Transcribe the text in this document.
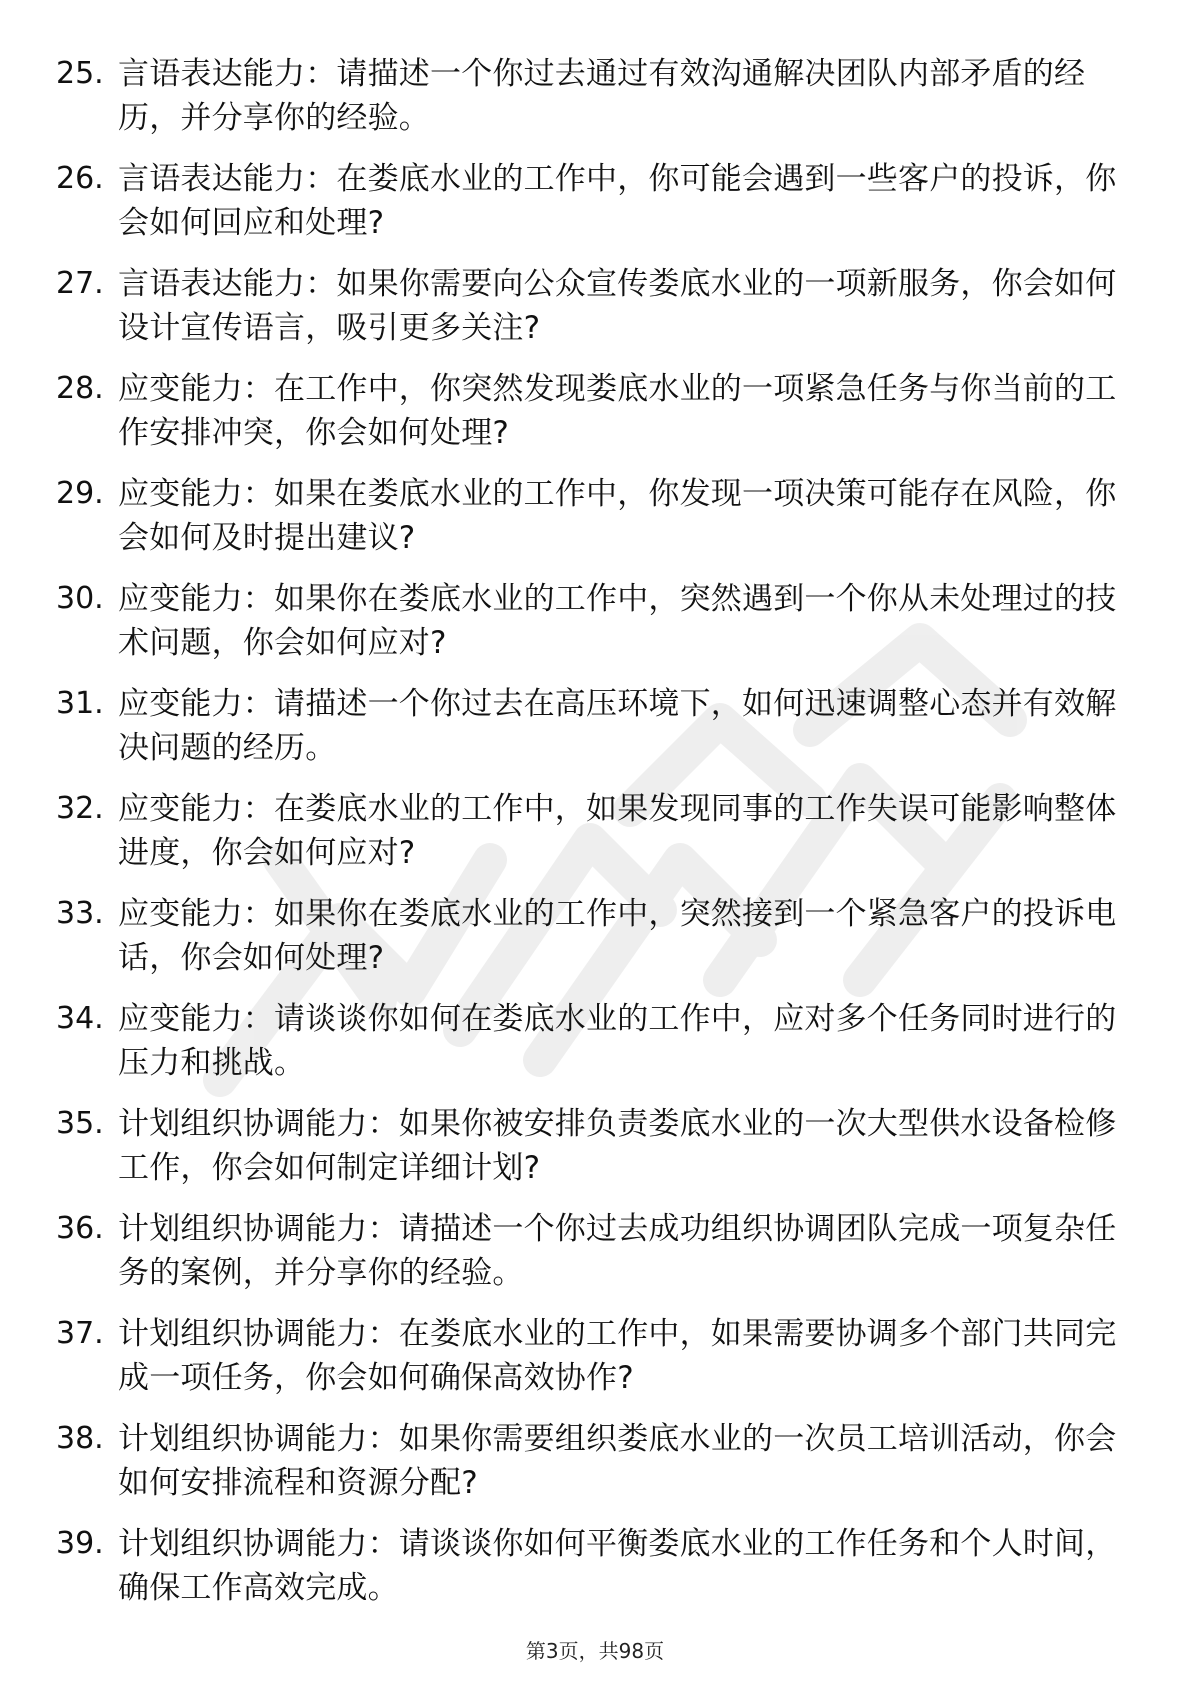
25. 言语表达能力：请描述一个你过去通过有效沟通解决团队内部矛盾的经历，并分享你的经验。
26. 言语表达能力：在娄底水业的工作中，你可能会遇到一些客户的投诉，你会如何回应和处理?
27. 言语表达能力：如果你需要向公众宣传娄底水业的一项新服务，你会如何设计宣传语言，吸引更多关注?
28. 应变能力：在工作中，你突然发现娄底水业的一项紧急任务与你当前的工作安排冲突，你会如何处理?
29. 应变能力：如果在娄底水业的工作中，你发现一项决策可能存在风险，你会如何及时提出建议?
30. 应变能力：如果你在娄底水业的工作中，突然遇到一个你从未处理过的技术问题，你会如何应对?
31. 应变能力：请描述一个你过去在高压环境下，如何迅速调整心态并有效解决问题的经历。
32. 应变能力：在娄底水业的工作中，如果发现同事的工作失误可能影响整体进度，你会如何应对?
33. 应变能力：如果你在娄底水业的工作中，突然接到一个紧急客户的投诉电话，你会如何处理?
34. 应变能力：请谈谈你如何在娄底水业的工作中，应对多个任务同时进行的压力和挑战。
35. 计划组织协调能力：如果你被安排负责娄底水业的一次大型供水设备检修工作，你会如何制定详细计划?
36. 计划组织协调能力：请描述一个你过去成功组织协调团队完成一项复杂任务的案例，并分享你的经验。
37. 计划组织协调能力：在娄底水业的工作中，如果需要协调多个部门共同完成一项任务，你会如何确保高效协作?
38. 计划组织协调能力：如果你需要组织娄底水业的一次员工培训活动，你会如何安排流程和资源分配?
39. 计划组织协调能力：请谈谈你如何平衡娄底水业的工作任务和个人时间，确保工作高效完成。
第3页，共98页
